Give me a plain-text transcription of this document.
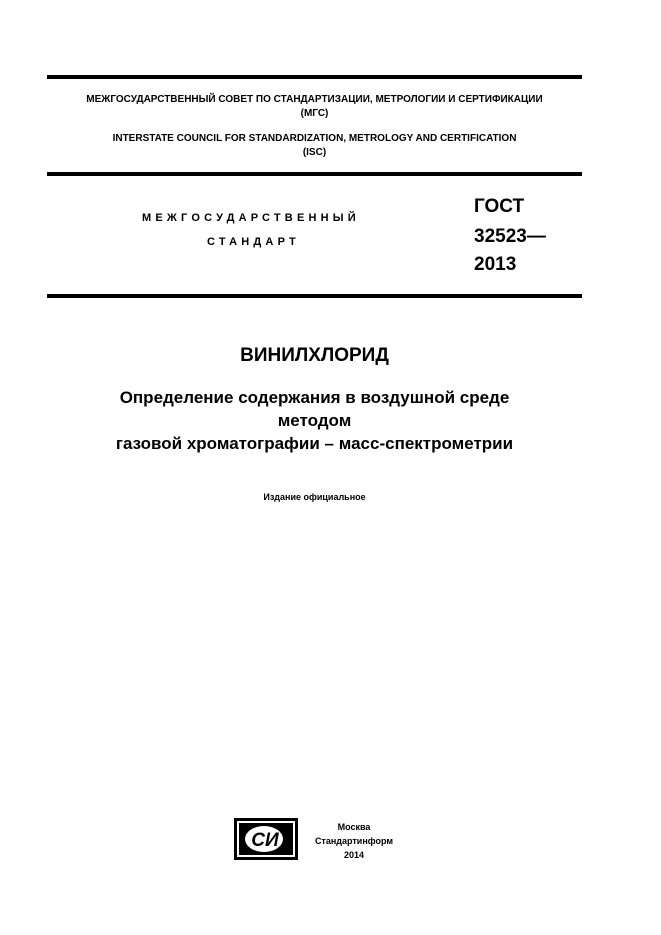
МЕЖГОСУДАРСТВЕННЫЙ СОВЕТ ПО СТАНДАРТИЗАЦИИ, МЕТРОЛОГИИ И СЕРТИФИКАЦИИ
(МГС)
INTERSTATE COUNCIL FOR STANDARDIZATION, METROLOGY AND CERTIFICATION
(ISC)
МЕЖГОСУДАРСТВЕННЫЙ
СТАНДАРТ
ГОСТ
32523—
2013
ВИНИЛХЛОРИД
Определение содержания в воздушной среде
методом
газовой хроматографии – масс-спектрометрии
Издание официальное
СИ
Москва
Стандартинформ
2014
